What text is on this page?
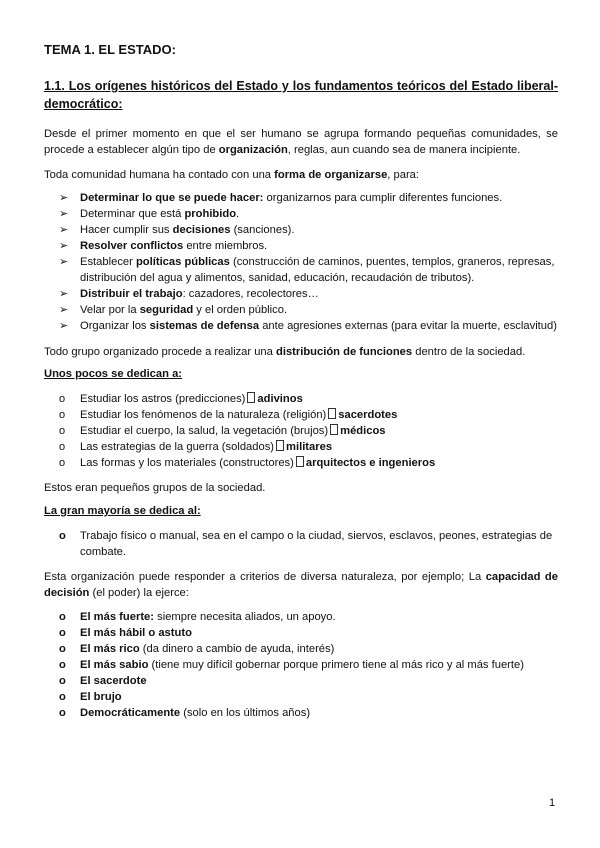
TEMA 1. EL ESTADO:
1.1. Los orígenes históricos del Estado y los fundamentos teóricos del Estado liberal-democrático:
Desde el primer momento en que el ser humano se agrupa formando pequeñas comunidades, se procede a establecer algún tipo de organización, reglas, aun cuando sea de manera incipiente.
Toda comunidad humana ha contado con una forma de organizarse, para:
➢ Determinar lo que se puede hacer: organizarnos para cumplir diferentes funciones.
➢ Determinar que está prohibido.
➢ Hacer cumplir sus decisiones (sanciones).
➢ Resolver conflictos entre miembros.
➢ Establecer políticas públicas (construcción de caminos, puentes, templos, graneros, represas, distribución del agua y alimentos, sanidad, educación, recaudación de tributos).
➢ Distribuir el trabajo: cazadores, recolectores…
➢ Velar por la seguridad y el orden público.
➢ Organizar los sistemas de defensa ante agresiones externas (para evitar la muerte, esclavitud)
Todo grupo organizado procede a realizar una distribución de funciones dentro de la sociedad.
Unos pocos se dedican a:
o Estudiar los astros (predicciones) adivinos
o Estudiar los fenómenos de la naturaleza (religión) sacerdotes
o Estudiar el cuerpo, la salud, la vegetación (brujos) médicos
o Las estrategias de la guerra (soldados) militares
o Las formas y los materiales (constructores) arquitectos e ingenieros
Estos eran pequeños grupos de la sociedad.
La gran mayoría se dedica al:
o Trabajo físico o manual, sea en el campo o la ciudad, siervos, esclavos, peones, estrategias de combate.
Esta organización puede responder a criterios de diversa naturaleza, por ejemplo; La capacidad de decisión (el poder) la ejerce:
o El más fuerte: siempre necesita aliados, un apoyo.
o El más hábil o astuto
o El más rico (da dinero a cambio de ayuda, interés)
o El más sabio (tiene muy difícil gobernar porque primero tiene al más rico y al más fuerte)
o El sacerdote
o El brujo
o Democráticamente (solo en los últimos años)
1
